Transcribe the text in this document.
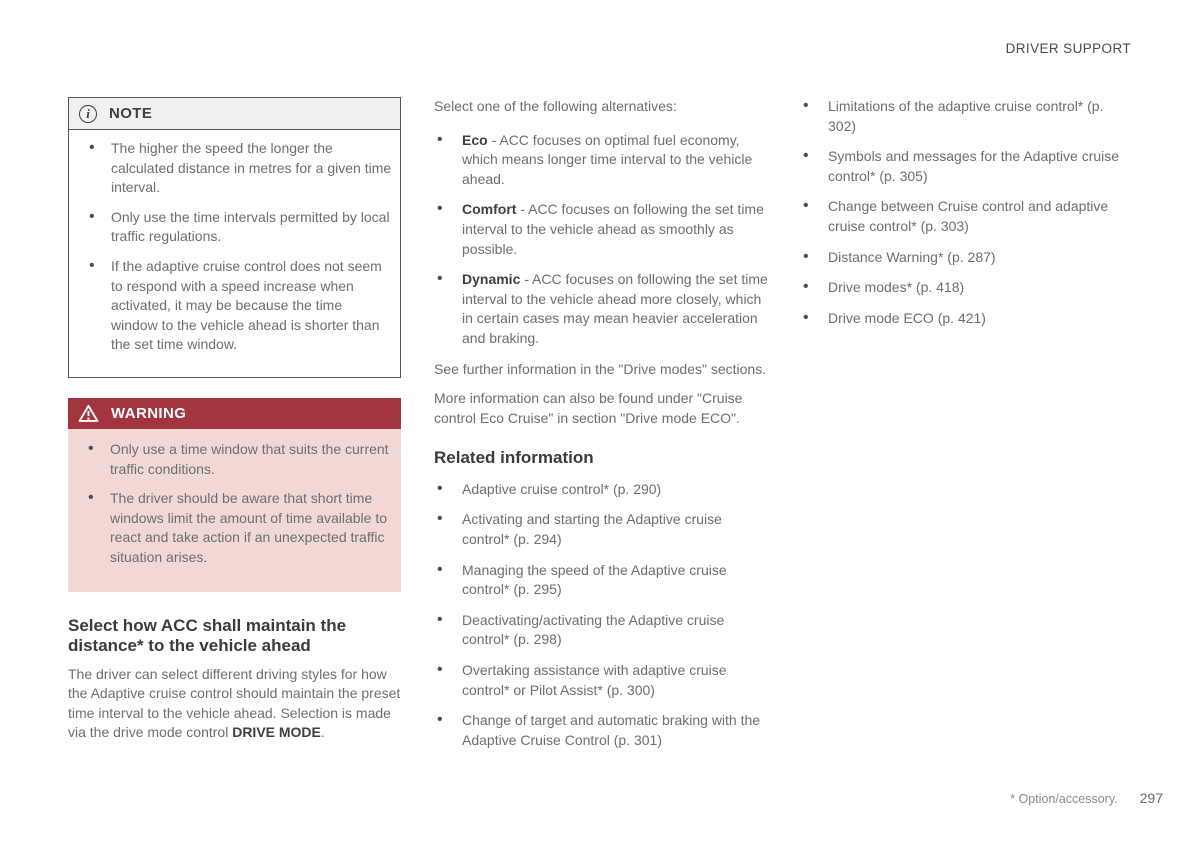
DRIVER SUPPORT
i	NOTE
• The higher the speed the longer the calculated distance in metres for a given time interval.
• Only use the time intervals permitted by local traffic regulations.
• If the adaptive cruise control does not seem to respond with a speed increase when activated, it may be because the time window to the vehicle ahead is shorter than the set time window.
WARNING
• Only use a time window that suits the current traffic conditions.
• The driver should be aware that short time windows limit the amount of time available to react and take action if an unexpected traffic situation arises.
Select how ACC shall maintain the distance* to the vehicle ahead

The driver can select different driving styles for how the Adaptive cruise control should maintain the preset time interval to the vehicle ahead. Selection is made via the drive mode control DRIVE MODE.

Select one of the following alternatives:

• Eco - ACC focuses on optimal fuel economy, which means longer time interval to the vehicle ahead.
• Comfort - ACC focuses on following the set time interval to the vehicle ahead as smoothly as possible.
• Dynamic - ACC focuses on following the set time interval to the vehicle ahead more closely, which in certain cases may mean heavier acceleration and braking.

See further information in the "Drive modes" sections.

More information can also be found under "Cruise control Eco Cruise" in section "Drive mode ECO".

Related information
• Adaptive cruise control* (p. 290)
• Activating and starting the Adaptive cruise control* (p. 294)
• Managing the speed of the Adaptive cruise control* (p. 295)
• Deactivating/activating the Adaptive cruise control* (p. 298)
• Overtaking assistance with adaptive cruise control* or Pilot Assist* (p. 300)
• Change of target and automatic braking with the Adaptive Cruise Control (p. 301)
• Limitations of the adaptive cruise control* (p. 302)
• Symbols and messages for the Adaptive cruise control* (p. 305)
• Change between Cruise control and adaptive cruise control* (p. 303)
• Distance Warning* (p. 287)
• Drive modes* (p. 418)
• Drive mode ECO (p. 421)
* Option/accessory. 297
